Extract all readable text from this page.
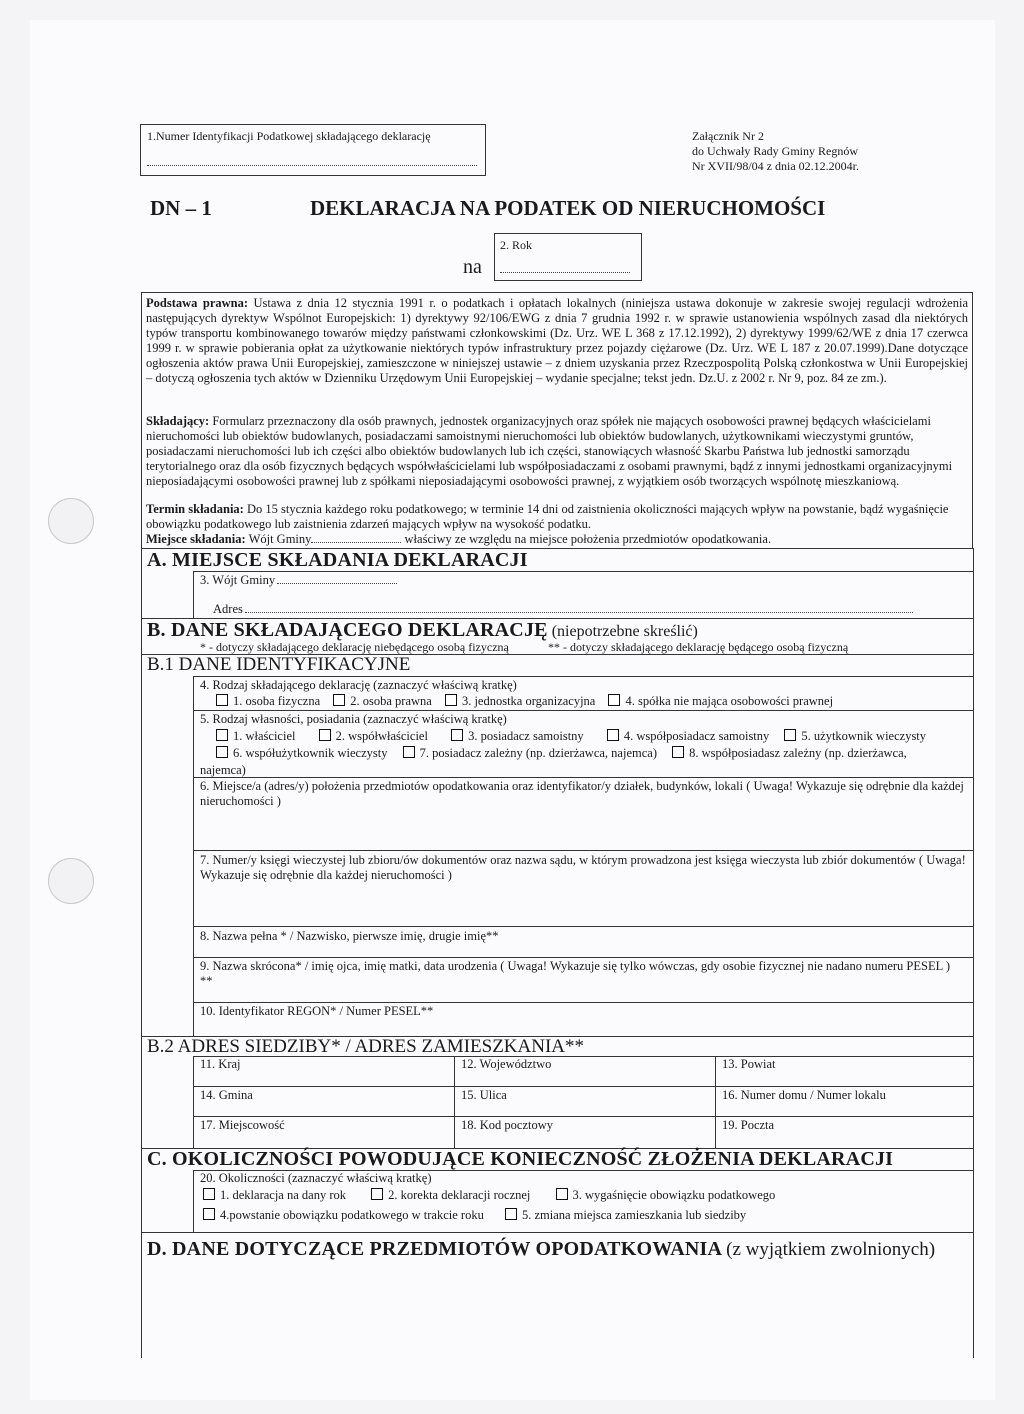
1.Numer Identyfikacji Podatkowej składającego deklarację	Załącznik Nr 2
do Uchwały Rady Gminy Regnów
Nr XVII/98/04 z dnia 02.12.2004r.
DN – 1	DEKLARACJA NA PODATEK OD NIERUCHOMOŚCI
na
2. Rok
Podstawa prawna: Ustawa z dnia 12 stycznia 1991 r. o podatkach i opłatach lokalnych (niniejsza ustawa dokonuje w zakresie swojej regulacji wdrożenia następujących dyrektyw Wspólnot Europejskich: 1) dyrektywy 92/106/EWG z dnia 7 grudnia 1992 r. w sprawie ustanowienia wspólnych zasad dla niektórych typów transportu kombinowanego towarów między państwami członkowskimi (Dz. Urz. WE L 368 z 17.12.1992), 2) dyrektywy 1999/62/WE z dnia 17 czerwca 1999 r. w sprawie pobierania opłat za użytkowanie niektórych typów infrastruktury przez pojazdy ciężarowe (Dz. Urz. WE L 187 z 20.07.1999).Dane dotyczące ogłoszenia aktów prawa Unii Europejskiej, zamieszczone w niniejszej ustawie – z dniem uzyskania przez Rzeczpospolitą Polską członkostwa w Unii Europejskiej – dotyczą ogłoszenia tych aktów w Dzienniku Urzędowym Unii Europejskiej – wydanie specjalne; tekst jedn. Dz.U. z 2002 r. Nr 9, poz. 84 ze zm.).
Składający: Formularz przeznaczony dla osób prawnych, jednostek organizacyjnych oraz spółek nie mających osobowości prawnej będących właścicielami nieruchomości lub obiektów budowlanych, posiadaczami samoistnymi nieruchomości lub obiektów budowlanych, użytkownikami wieczystymi gruntów, posiadaczami nieruchomości lub ich części albo obiektów budowlanych lub ich części, stanowiących własność Skarbu Państwa lub jednostki samorządu terytorialnego oraz dla osób fizycznych będących współwłaścicielami lub współposiadaczami z osobami prawnymi, bądź z innymi jednostkami organizacyjnymi nieposiadającymi osobowości prawnej lub z spółkami nieposiadającymi osobowości prawnej, z wyjątkiem osób tworzących wspólnotę mieszkaniową.
Termin składania: Do 15 stycznia każdego roku podatkowego; w terminie 14 dni od zaistnienia okoliczności mających wpływ na powstanie, bądź wygaśnięcie obowiązku podatkowego lub zaistnienia zdarzeń mających wpływ na wysokość podatku.
Miejsce składania: Wójt Gminy	właściwy ze względu na miejsce położenia przedmiotów opodatkowania.
A. MIEJSCE SKŁADANIA DEKLARACJI
3. Wójt Gminy
Adres
B. DANE SKŁADAJĄCEGO DEKLARACJĘ (niepotrzebne skreślić)
* - dotyczy składającego deklarację niebędącego osobą fizyczną	** - dotyczy składającego deklarację będącego osobą fizyczną
B.1 DANE IDENTYFIKACYJNE
4. Rodzaj składającego deklarację (zaznaczyć właściwą kratkę)
1. osoba fizyczna 2. osoba prawna 3. jednostka organizacyjna 4. spółka nie mająca osobowości prawnej
5. Rodzaj własności, posiadania (zaznaczyć właściwą kratkę)
1. właściciel	2. współwłaściciel	3. posiadacz samoistny	4. współposiadacz samoistny	5. użytkownik wieczysty
6. współużytkownik wieczysty	7. posiadacz zależny (np. dzierżawca, najemca)	8. współposiadasz zależny (np. dzierżawca,
najemca)
6. Miejsce/a (adres/y) położenia przedmiotów opodatkowania oraz identyfikator/y działek, budynków, lokali ( Uwaga! Wykazuje się odrębnie dla każdej nieruchomości )
7. Numer/y księgi wieczystej lub zbioru/ów dokumentów oraz nazwa sądu, w którym prowadzona jest księga wieczysta lub zbiór dokumentów ( Uwaga! Wykazuje się odrębnie dla każdej nieruchomości )
8. Nazwa pełna * / Nazwisko, pierwsze imię, drugie imię**
9. Nazwa skrócona* / imię ojca, imię matki, data urodzenia ( Uwaga! Wykazuje się tylko wówczas, gdy osobie fizycznej nie nadano numeru PESEL ) **
10. Identyfikator REGON* / Numer PESEL**
B.2 ADRES SIEDZIBY* / ADRES ZAMIESZKANIA**
11. Kraj	12. Województwo	13. Powiat
14. Gmina	15. Ulica	16. Numer domu / Numer lokalu
17. Miejscowość	18. Kod pocztowy	19. Poczta
C. OKOLICZNOŚCI POWODUJĄCE KONIECZNOŚĆ ZŁOŻENIA DEKLARACJI
20. Okoliczności (zaznaczyć właściwą kratkę)
1. deklaracja na dany rok	2. korekta deklaracji rocznej	3. wygaśnięcie obowiązku podatkowego
4.powstanie obowiązku podatkowego w trakcie roku	5. zmiana miejsca zamieszkania lub siedziby
D. DANE DOTYCZĄCE PRZEDMIOTÓW OPODATKOWANIA (z wyjątkiem zwolnionych)
